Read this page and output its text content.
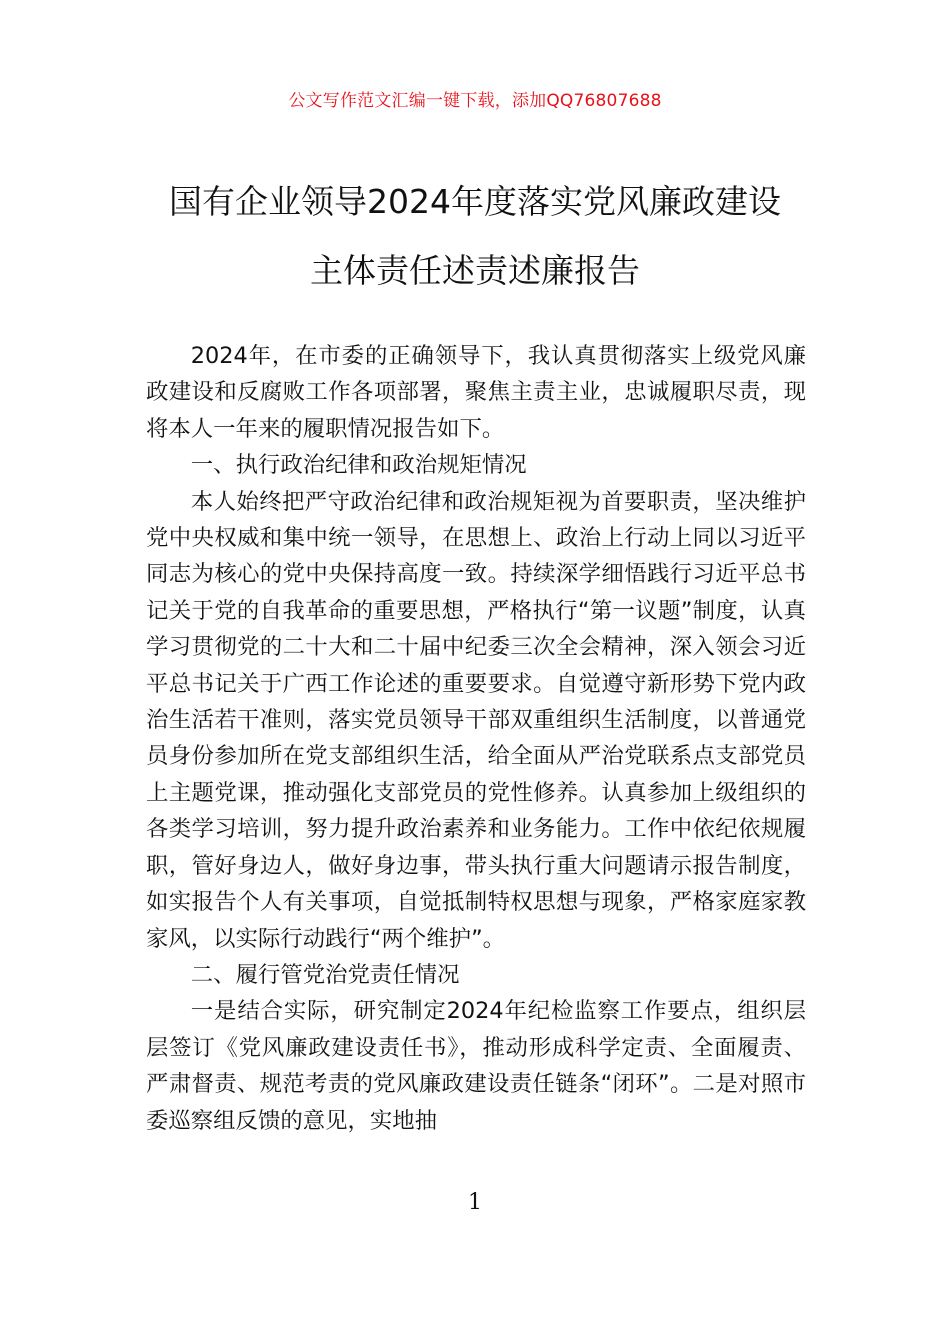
公文写作范文汇编一键下载，添加QQ76807688
国有企业领导2024年度落实党风廉政建设
主体责任述责述廉报告

2024年，在市委的正确领导下，我认真贯彻落实上级党风廉政建设和反腐败工作各项部署，聚焦主责主业，忠诚履职尽责，现将本人一年来的履职情况报告如下。

一、执行政治纪律和政治规矩情况

本人始终把严守政治纪律和政治规矩视为首要职责，坚决维护党中央权威和集中统一领导，在思想上、政治上行动上同以习近平同志为核心的党中央保持高度一致。持续深学细悟践行习近平总书记关于党的自我革命的重要思想，严格执行“第一议题”制度，认真学习贯彻党的二十大和二十届中纪委三次全会精神，深入领会习近平总书记关于广西工作论述的重要要求。自觉遵守新形势下党内政治生活若干准则，落实党员领导干部双重组织生活制度，以普通党员身份参加所在党支部组织生活，给全面从严治党联系点支部党员上主题党课，推动强化支部党员的党性修养。认真参加上级组织的各类学习培训，努力提升政治素养和业务能力。工作中依纪依规履职，管好身边人，做好身边事，带头执行重大问题请示报告制度，如实报告个人有关事项，自觉抵制特权思想与现象，严格家庭家教家风，以实际行动践行“两个维护”。

二、履行管党治党责任情况

一是结合实际，研究制定2024年纪检监察工作要点，组织层层签订《党风廉政建设责任书》，推动形成科学定责、全面履责、严肃督责、规范考责的党风廉政建设责任链条“闭环”。二是对照市委巡察组反馈的意见，实地抽

1
